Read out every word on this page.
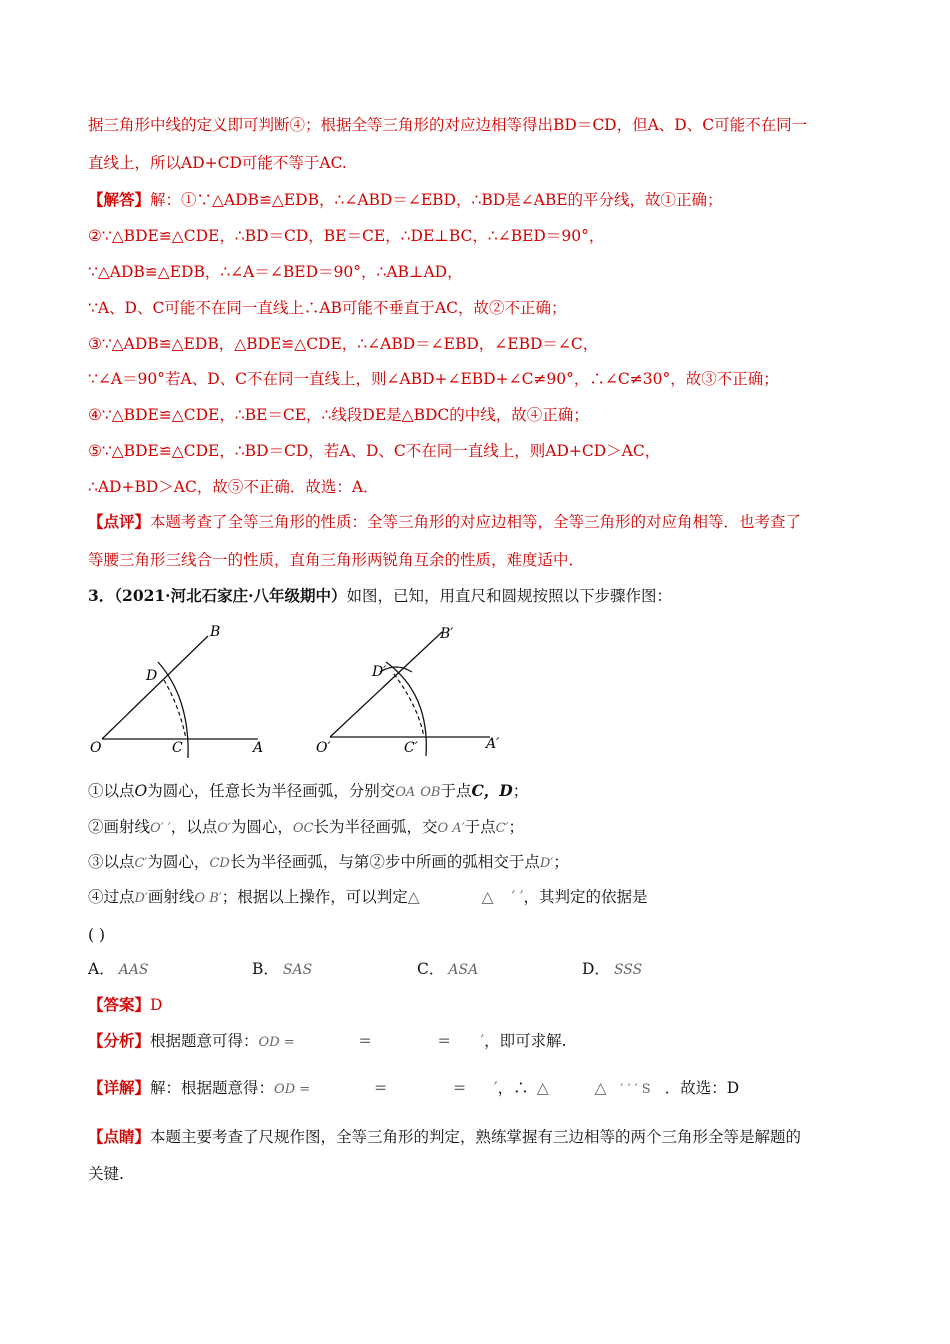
据三角形中线的定义即可判断④；根据全等三角形的对应边相等得出BD＝CD，但A、D、C可能不在同一
直线上，所以AD+CD可能不等于AC.
【解答】解：①∵△ADB≌△EDB，∴∠ABD＝∠EBD，∴BD是∠ABE的平分线，故①正确；
②∵△BDE≌△CDE，∴BD＝CD，BE＝CE，∴DE⊥BC，∴∠BED＝90°，
∵△ADB≌△EDB，∴∠A＝∠BED＝90°，∴AB⊥AD，
∵A、D、C可能不在同一直线上∴AB可能不垂直于AC，故②不正确；
③∵△ADB≌△EDB，△BDE≌△CDE，∴∠ABD＝∠EBD，∠EBD＝∠C，
∵∠A＝90°若A、D、C不在同一直线上，则∠ABD+∠EBD+∠C≠90°，∴∠C≠30°，故③不正确；
④∵△BDE≌△CDE，∴BE＝CE，∴线段DE是△BDC的中线，故④正确；
⑤∵△BDE≌△CDE，∴BD＝CD，若A、D、C不在同一直线上，则AD+CD＞AC，
∴AD+BD＞AC，故⑤不正确．故选：A．
【点评】本题考查了全等三角形的性质：全等三角形的对应边相等，全等三角形的对应角相等．也考查了
等腰三角形三线合一的性质，直角三角形两锐角互余的性质，难度适中．
3．（2021·河北石家庄·八年级期中）如图，已知，用直尺和圆规按照以下步骤作图：
B
D
O	C	A
B′
D′
O′	C′	A′
①以点O为圆心，任意长为半径画弧，分别交OA OB于点C，D；
②画射线O′ ′，以点O′为圆心，OC长为半径画弧，交O A′于点C′；
③以点C′为圆心，CD长为半径画弧，与第②步中所画的弧相交于点D′；
④过点D′画射线O B′；根据以上操作，可以判定△	△ ′ ′，其判定的依据是
( )
A． AAS	B． SAS	C． ASA	D． SSS
【答案】D
【分析】根据题意可得：OD =	=	= ′，即可求解.
【详解】解：根据题意得：OD =	=	= ′，∴ △	△ ′ ′ ′ S ．故选：D
【点睛】本题主要考查了尺规作图，全等三角形的判定，熟练掌握有三边相等的两个三角形全等是解题的
关键.
